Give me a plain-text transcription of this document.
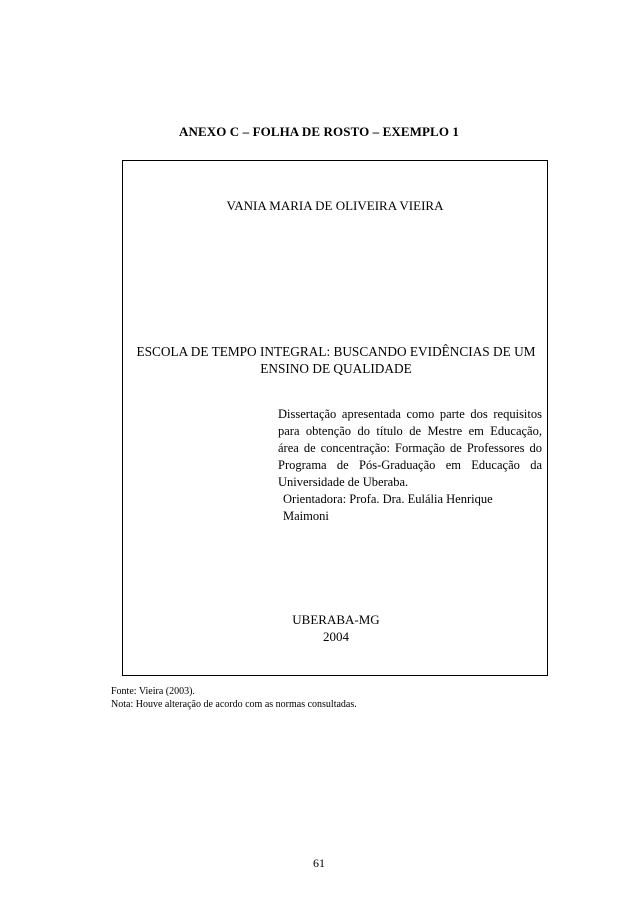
ANEXO C – FOLHA DE ROSTO – EXEMPLO 1
VANIA MARIA DE OLIVEIRA VIEIRA
ESCOLA DE TEMPO INTEGRAL: BUSCANDO EVIDÊNCIAS DE UM
ENSINO DE QUALIDADE
Dissertação apresentada como parte dos requisitos para obtenção do título de Mestre em Educação, área de concentração: Formação de Professores do Programa de Pós-Graduação em Educação da Universidade de Uberaba.
Orientadora: Profa. Dra. Eulália Henrique
Maimoni
UBERABA-MG
2004
Fonte: Vieira (2003).
Nota: Houve alteração de acordo com as normas consultadas.
61
